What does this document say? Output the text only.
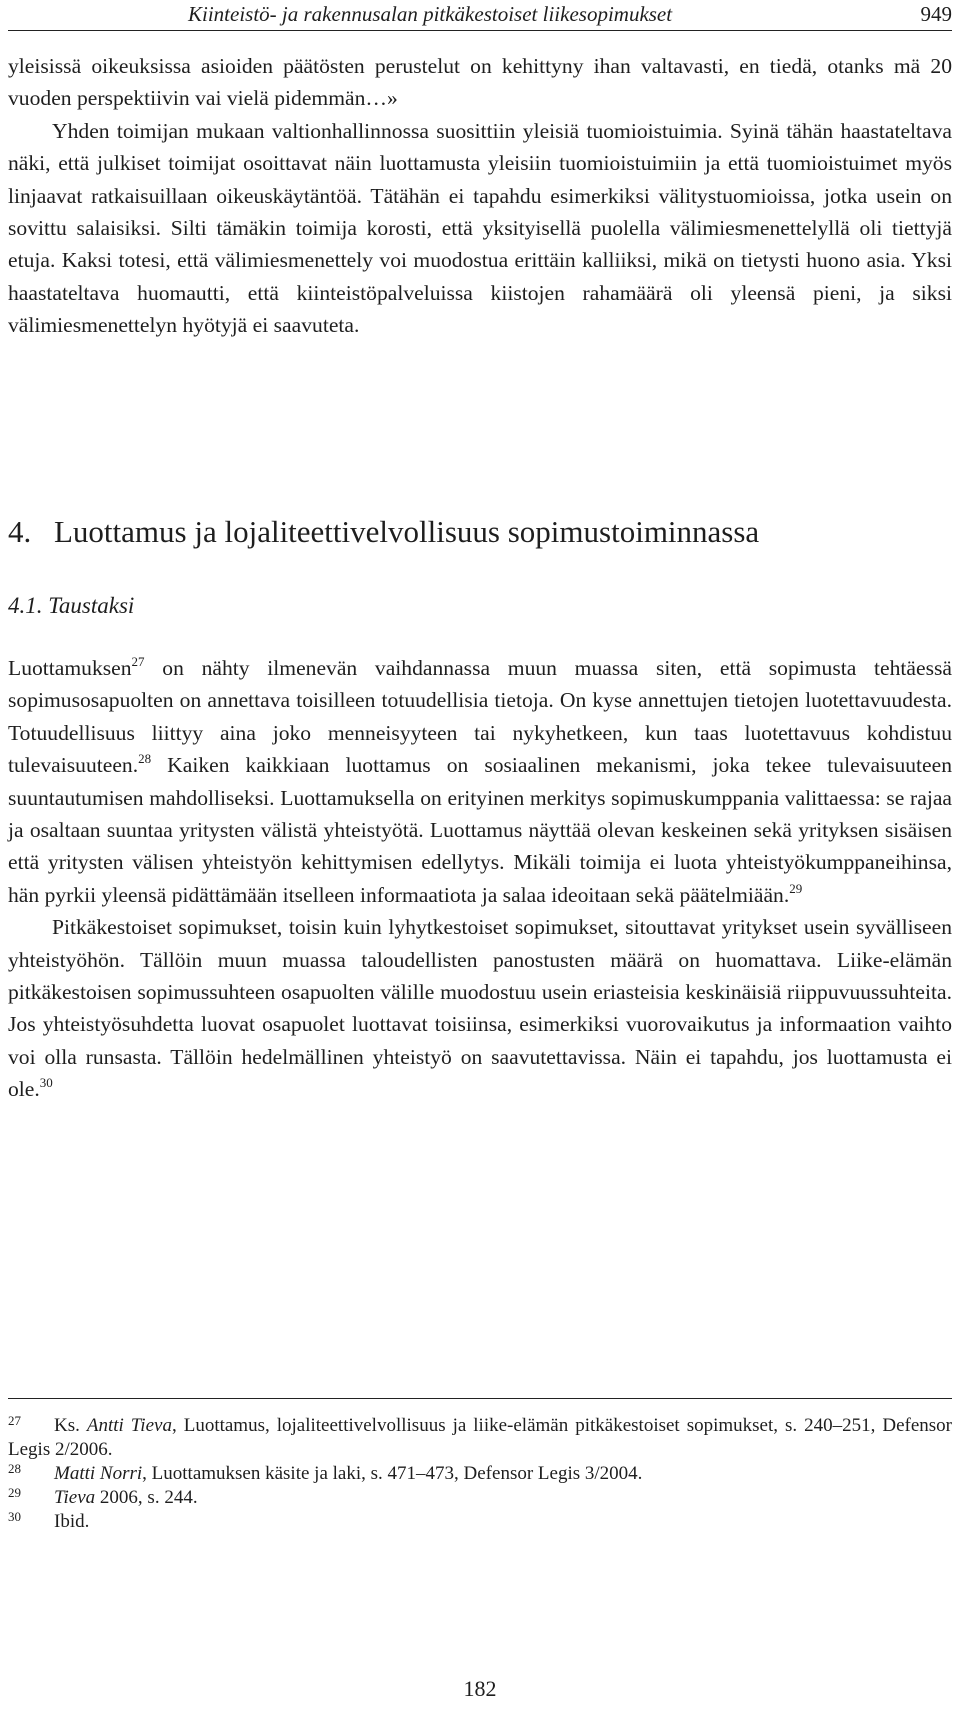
Kiinteistö- ja rakennusalan pitkäkestoiset liikesopimukset	949

yleisissä oikeuksissa asioiden päätösten perustelut on kehittyny ihan valtavasti, en tiedä, otanks mä 20 vuoden perspektiivin vai vielä pidemmän…»

Yhden toimijan mukaan valtionhallinnossa suosittiin yleisiä tuomioistuimia. Syinä tähän haastateltava näki, että julkiset toimijat osoittavat näin luottamusta yleisiin tuomioistuimiin ja että tuomioistuimet myös linjaavat ratkaisuillaan oikeuskäytäntöä. Tätähän ei tapahdu esimerkiksi välitystuomioissa, jotka usein on sovittu salaisiksi. Silti tämäkin toimija korosti, että yksityisellä puolella välimiesmenettelyllä oli tiettyjä etuja. Kaksi totesi, että välimiesmenettely voi muodostua erittäin kalliiksi, mikä on tietysti huono asia. Yksi haastateltava huomautti, että kiinteistöpalveluissa kiistojen rahamäärä oli yleensä pieni, ja siksi välimiesmenettelyn hyötyjä ei saavuteta.

4. Luottamus ja lojaliteettivelvollisuus sopimustoiminnassa
4.1. Taustaksi

Luottamuksen$^{27}$ on nähty ilmenevän vaihdannassa muun muassa siten, että sopimusta tehtäessä sopimusosapuolten on annettava toisilleen totuudellisia tietoja. On kyse annettujen tietojen luotettavuudesta. Totuudellisuus liittyy aina joko menneisyyteen tai nykyhetkeen, kun taas luotettavuus kohdistuu tulevaisuuteen.$^{28}$ Kaiken kaikkiaan luottamus on sosiaalinen mekanismi, joka tekee tulevaisuuteen suuntautumisen mahdolliseksi. Luottamuksella on erityinen merkitys sopimuskumppania valittaessa: se rajaa ja osaltaan suuntaa yritysten välistä yhteistyötä. Luottamus näyttää olevan keskeinen sekä yrityksen sisäisen että yritysten välisen yhteistyön kehittymisen edellytys. Mikäli toimija ei luota yhteistyökumppaneihinsa, hän pyrkii yleensä pidättämään itselleen informaatiota ja salaa ideoitaan sekä päätelmiään.$^{29}$

Pitkäkestoiset sopimukset, toisin kuin lyhytkestoiset sopimukset, sitouttavat yritykset usein syvälliseen yhteistyöhön. Tällöin muun muassa taloudellisten panostusten määrä on huomattava. Liike-elämän pitkäkestoisen sopimussuhteen osapuolten välille muodostuu usein eriasteisia keskinäisiä riippuvuussuhteita. Jos yhteistyösuhdetta luovat osapuolet luottavat toisiinsa, esimerkiksi vuorovaikutus ja informaation vaihto voi olla runsasta. Tällöin hedelmällinen yhteistyö on saavutettavissa. Näin ei tapahdu, jos luottamusta ei ole.$^{30}$

27 Ks. Antti Tieva, Luottamus, lojaliteettivelvollisuus ja liike-elämän pitkäkestoiset sopimukset, s. 240–251, Defensor Legis 2/2006.

28 Matti Norri, Luottamuksen käsite ja laki, s. 471–473, Defensor Legis 3/2004.

29 Tieva 2006, s. 244.

30 Ibid.

182
